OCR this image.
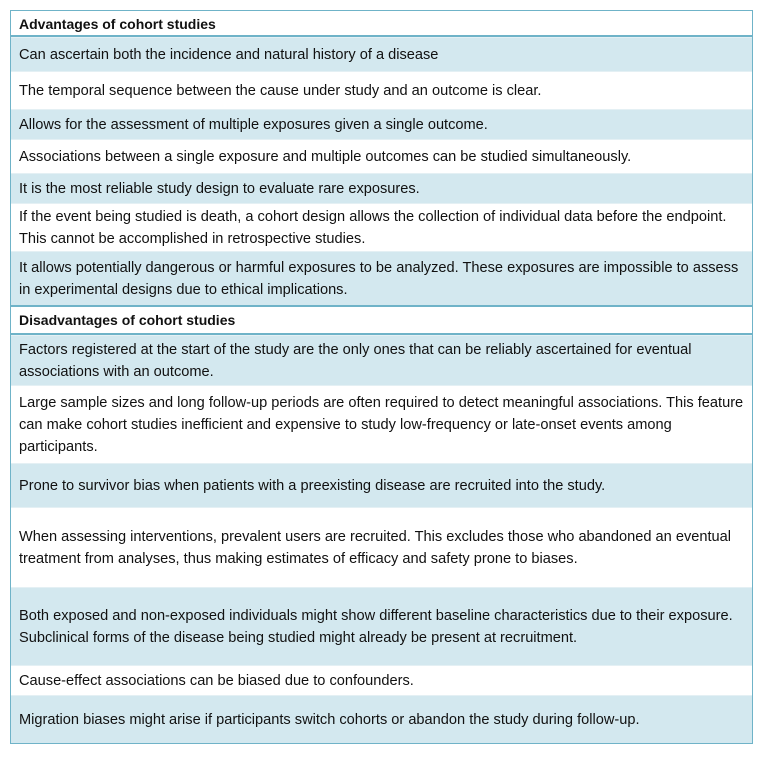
Advantages of cohort studies
Can ascertain both the incidence and natural history of a disease
The temporal sequence between the cause under study and an outcome is clear.
Allows for the assessment of multiple exposures given a single outcome.
Associations between a single exposure and multiple outcomes can be studied simultaneously.
It is the most reliable study design to evaluate rare exposures.
If the event being studied is death, a cohort design allows the collection of individual data before the endpoint. This cannot be accomplished in retrospective studies.
It allows potentially dangerous or harmful exposures to be analyzed. These exposures are impossible to assess in experimental designs due to ethical implications.
Disadvantages of cohort studies
Factors registered at the start of the study are the only ones that can be reliably ascertained for eventual associations with an outcome.
Large sample sizes and long follow-up periods are often required to detect meaningful associations. This feature can make cohort studies inefficient and expensive to study low-frequency or late-onset events among participants.
Prone to survivor bias when patients with a preexisting disease are recruited into the study.
When assessing interventions, prevalent users are recruited. This excludes those who abandoned an eventual treatment from analyses, thus making estimates of efficacy and safety prone to biases.
Both exposed and non-exposed individuals might show different baseline characteristics due to their exposure. Subclinical forms of the disease being studied might already be present at recruitment.
Cause-effect associations can be biased due to confounders.
Migration biases might arise if participants switch cohorts or abandon the study during follow-up.
